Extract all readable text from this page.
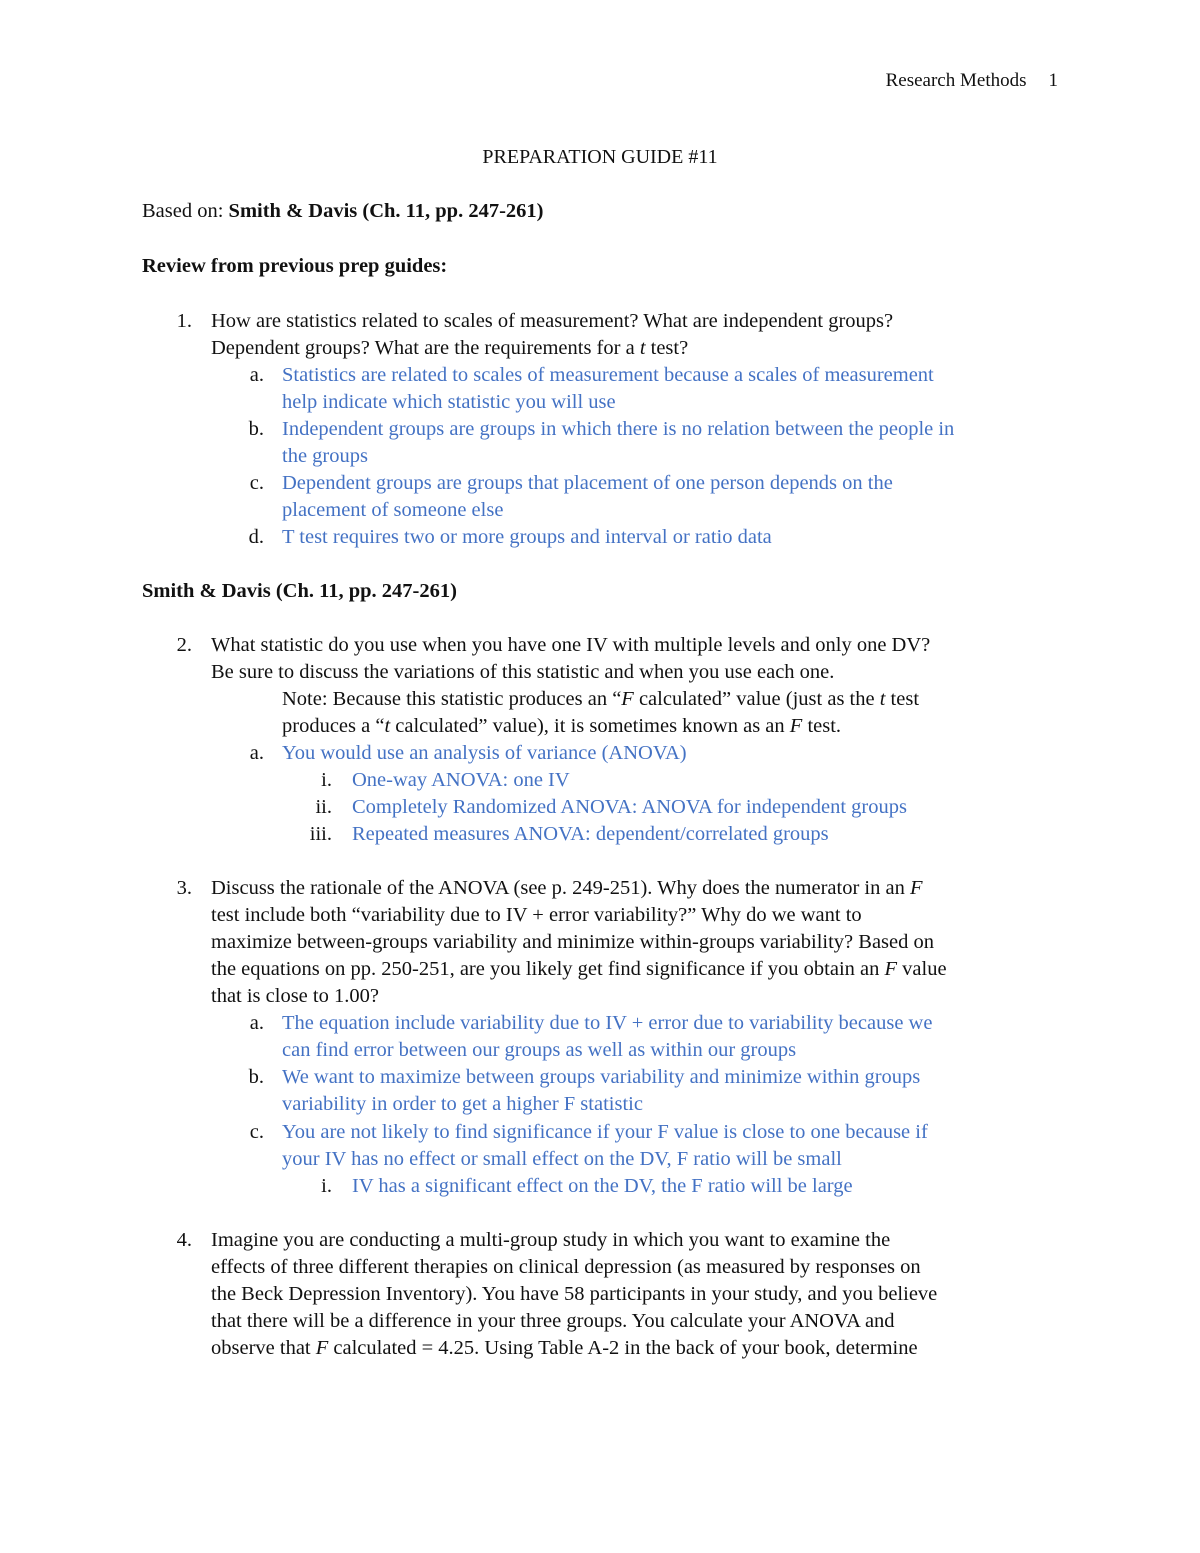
Research Methods 1
PREPARATION GUIDE #11
Based on: Smith & Davis (Ch. 11, pp. 247-261)
Review from previous prep guides:
1. How are statistics related to scales of measurement? What are independent groups?
Dependent groups? What are the requirements for a t test?
a. Statistics are related to scales of measurement because a scales of measurement
help indicate which statistic you will use
b. Independent groups are groups in which there is no relation between the people in
the groups
c. Dependent groups are groups that placement of one person depends on the
placement of someone else
d. T test requires two or more groups and interval or ratio data
Smith & Davis (Ch. 11, pp. 247-261)
2. What statistic do you use when you have one IV with multiple levels and only one DV?
Be sure to discuss the variations of this statistic and when you use each one.
Note: Because this statistic produces an “F calculated” value (just as the t test
produces a “t calculated” value), it is sometimes known as an F test.
a. You would use an analysis of variance (ANOVA)
i. One-way ANOVA: one IV
ii. Completely Randomized ANOVA: ANOVA for independent groups
iii. Repeated measures ANOVA: dependent/correlated groups
3. Discuss the rationale of the ANOVA (see p. 249-251). Why does the numerator in an F
test include both “variability due to IV + error variability?” Why do we want to
maximize between-groups variability and minimize within-groups variability? Based on
the equations on pp. 250-251, are you likely get find significance if you obtain an F value
that is close to 1.00?
a. The equation include variability due to IV + error due to variability because we
can find error between our groups as well as within our groups
b. We want to maximize between groups variability and minimize within groups
variability in order to get a higher F statistic
c. You are not likely to find significance if your F value is close to one because if
your IV has no effect or small effect on the DV, F ratio will be small
i. IV has a significant effect on the DV, the F ratio will be large
4. Imagine you are conducting a multi-group study in which you want to examine the
effects of three different therapies on clinical depression (as measured by responses on
the Beck Depression Inventory). You have 58 participants in your study, and you believe
that there will be a difference in your three groups. You calculate your ANOVA and
observe that F calculated = 4.25. Using Table A-2 in the back of your book, determine
